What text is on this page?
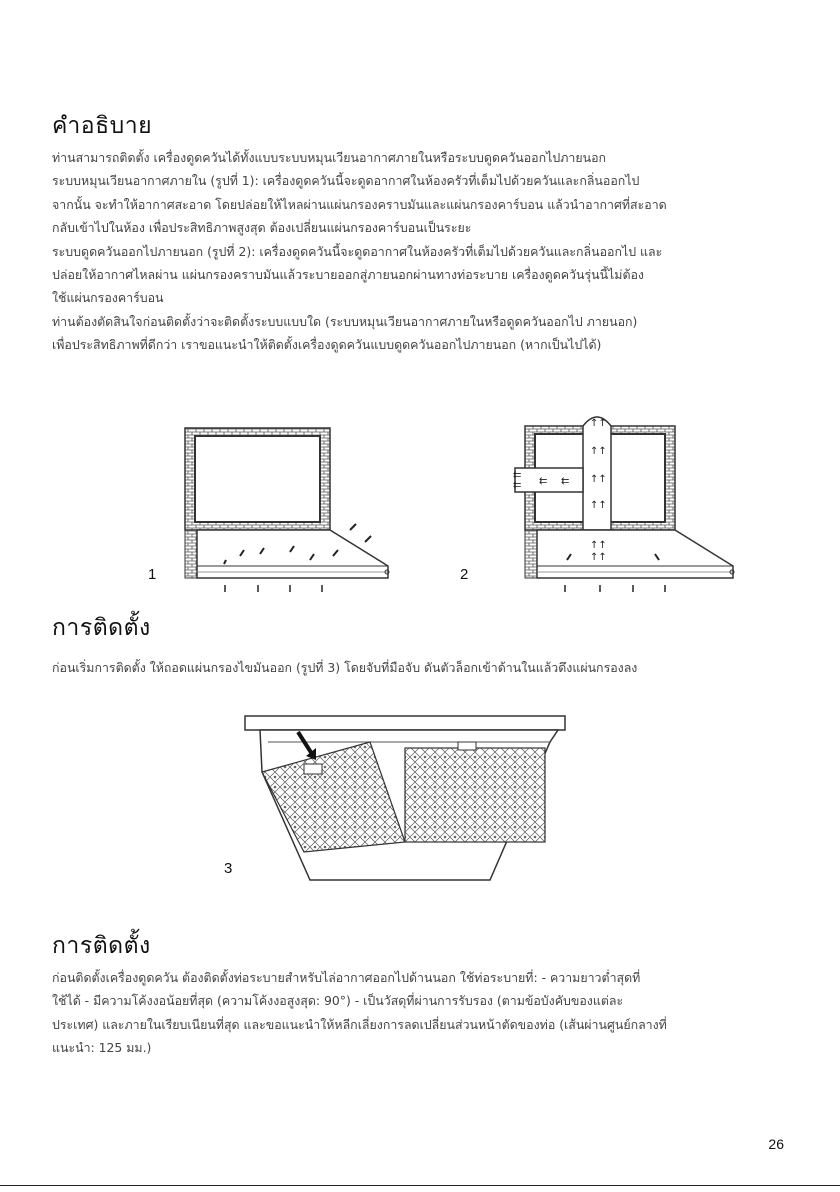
คำอธิบาย
ท่านสามารถติดตั้ง เครื่องดูดควันได้ทั้งแบบระบบหมุนเวียนอากาศภายในหรือระบบดูดควันออกไปภายนอก
ระบบหมุนเวียนอากาศภายใน (รูปที่ 1): เครื่องดูดควันนี้จะดูดอากาศในห้องครัวที่เต็มไปด้วยควันและกลิ่นออกไป
จากนั้น จะทำให้อากาศสะอาด โดยปล่อยให้ไหลผ่านแผ่นกรองคราบมันและแผ่นกรองคาร์บอน แล้วนำอากาศที่สะอาด
กลับเข้าไปในห้อง เพื่อประสิทธิภาพสูงสุด ต้องเปลี่ยนแผ่นกรองคาร์บอนเป็นระยะ
ระบบดูดควันออกไปภายนอก (รูปที่ 2): เครื่องดูดควันนี้จะดูดอากาศในห้องครัวที่เต็มไปด้วยควันและกลิ่นออกไป และ
ปล่อยให้อากาศไหลผ่าน แผ่นกรองคราบมันแล้วระบายออกสู่ภายนอกผ่านทางท่อระบาย เครื่องดูดควันรุ่นนี้ไม่ต้อง
ใช้แผ่นกรองคาร์บอน
ท่านต้องตัดสินใจก่อนติดตั้งว่าจะติดตั้งระบบแบบใด (ระบบหมุนเวียนอากาศภายในหรือดูดควันออกไป ภายนอก)
เพื่อประสิทธิภาพที่ดีกว่า เราขอแนะนำให้ติดตั้งเครื่องดูดควันแบบดูดควันออกไปภายนอก (หากเป็นไปได้)
1
↑↑
↑↑
↑↑
↑↑
↑↑
↑↑
⇇
⇇ ⇇ ⇇
2
การติดตั้ง
ก่อนเริ่มการติดตั้ง ให้ถอดแผ่นกรองไขมันออก (รูปที่ 3) โดยจับที่มือจับ ดันตัวล็อกเข้าด้านในแล้วดึงแผ่นกรองลง
3
การติดตั้ง
ก่อนติดตั้งเครื่องดูดควัน ต้องติดตั้งท่อระบายสำหรับไล่อากาศออกไปด้านนอก ใช้ท่อระบายที่: - ความยาวต่ำสุดที่
ใช้ได้ - มีความโค้งงอน้อยที่สุด (ความโค้งงอสูงสุด: 90°) - เป็นวัสดุที่ผ่านการรับรอง (ตามข้อบังคับของแต่ละ
ประเทศ) และภายในเรียบเนียนที่สุด และขอแนะนำให้หลีกเลี่ยงการลดเปลี่ยนส่วนหน้าตัดของท่อ (เส้นผ่านศูนย์กลางที่
แนะนำ: 125 มม.)
26
